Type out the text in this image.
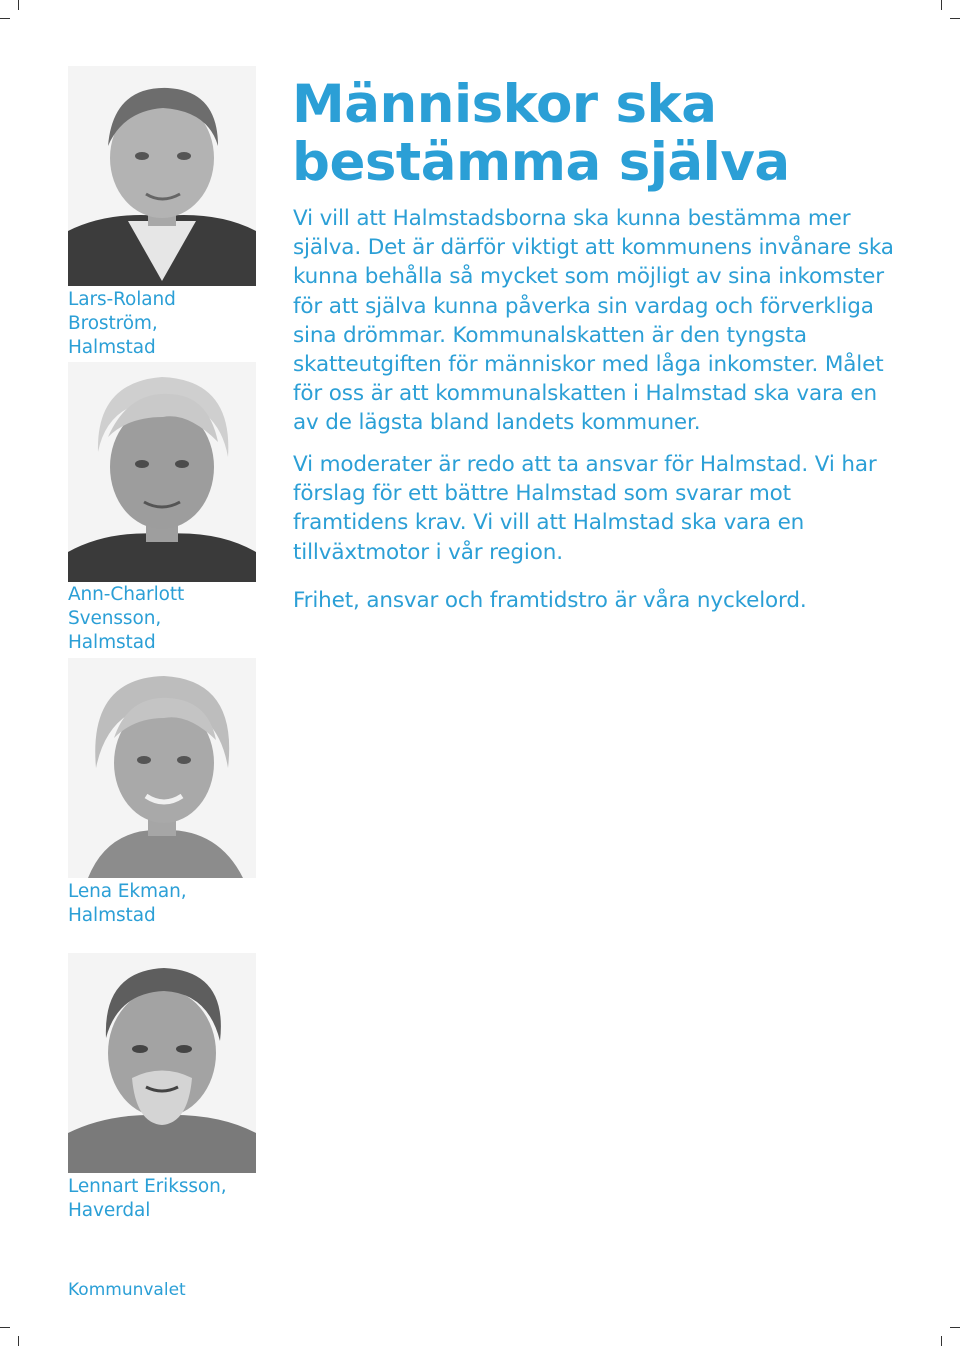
Lars-Roland Broström,
Halmstad
Ann-Charlott Svensson,
Halmstad
Lena Ekman,
Halmstad
Lennart Eriksson,
Haverdal
Människor ska
bestämma själva

Vi vill att Halmstadsborna ska kunna bestämma mer själva. Det är därför viktigt att kommunens invånare ska kunna behålla så mycket som möjligt av sina inkomster för att själva kunna påverka sin vardag och förverkliga sina drömmar. Kommunalskatten är den tyngsta skatteutgiften för människor med låga inkomster. Målet för oss är att kommunalskatten i Halmstad ska vara en av de lägsta bland landets kommuner.

Vi moderater är redo att ta ansvar för Halmstad. Vi har förslag för ett bättre Halmstad som svarar mot framtidens krav. Vi vill att Halmstad ska vara en tillväxtmotor i vår region.

Frihet, ansvar och framtidstro är våra nyckelord.

Kommunvalet
